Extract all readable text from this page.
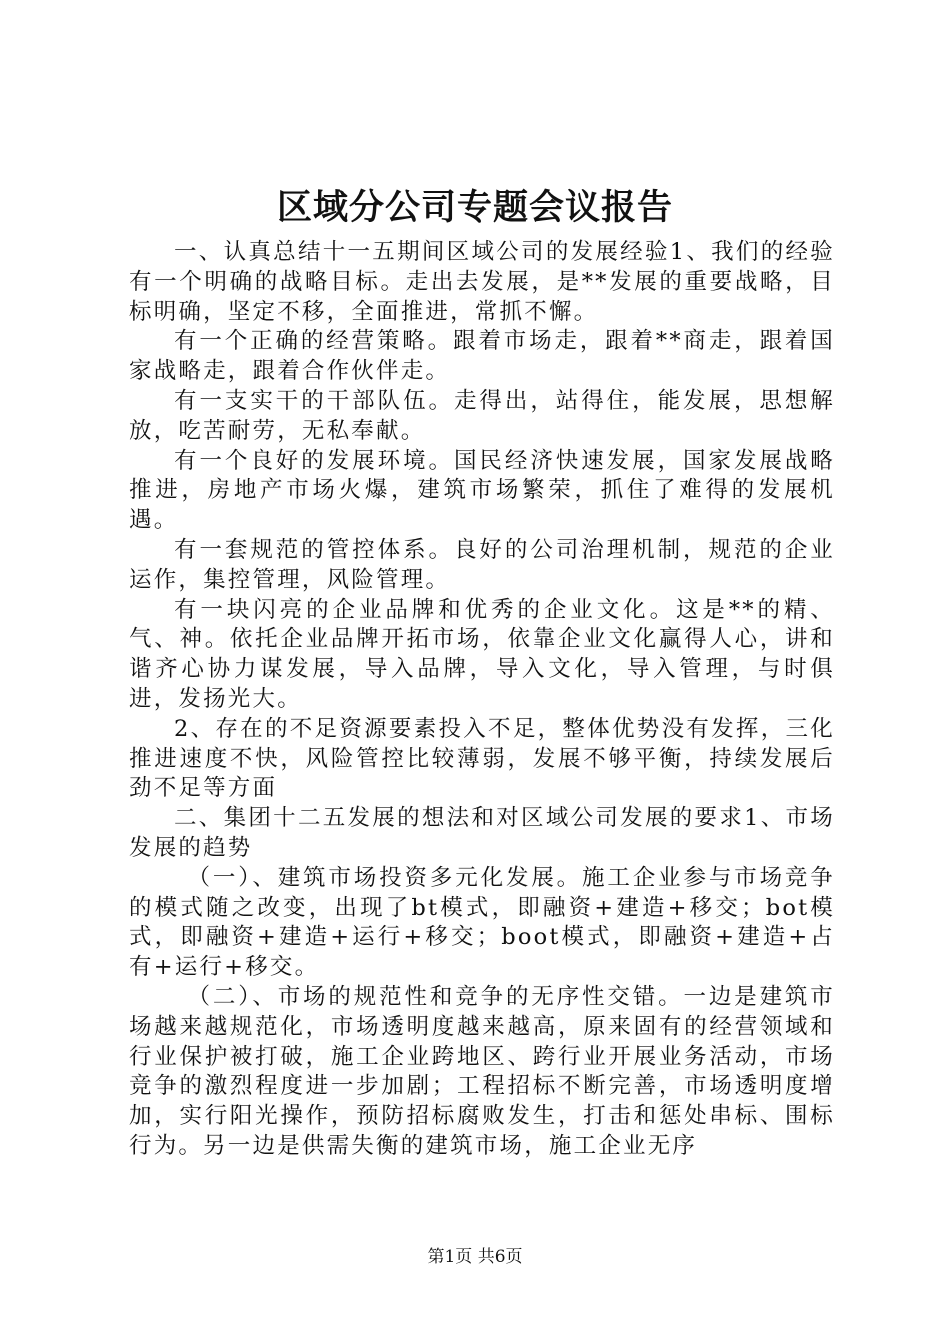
区域分公司专题会议报告

一、认真总结十一五期间区域公司的发展经验1、我们的经验有一个明确的战略目标。走出去发展，是**发展的重要战略，目标明确，坚定不移，全面推进，常抓不懈。

有一个正确的经营策略。跟着市场走，跟着**商走，跟着国家战略走，跟着合作伙伴走。

有一支实干的干部队伍。走得出，站得住，能发展，思想解放，吃苦耐劳，无私奉献。

有一个良好的发展环境。国民经济快速发展，国家发展战略推进，房地产市场火爆，建筑市场繁荣，抓住了难得的发展机遇。

有一套规范的管控体系。良好的公司治理机制，规范的企业运作，集控管理，风险管理。

有一块闪亮的企业品牌和优秀的企业文化。这是**的精、气、神。依托企业品牌开拓市场，依靠企业文化赢得人心，讲和谐齐心协力谋发展，导入品牌，导入文化，导入管理，与时俱进，发扬光大。

2、存在的不足资源要素投入不足，整体优势没有发挥，三化推进速度不快，风险管控比较薄弱，发展不够平衡，持续发展后劲不足等方面

二、集团十二五发展的想法和对区域公司发展的要求1、市场发展的趋势

（一）、建筑市场投资多元化发展。施工企业参与市场竞争的模式随之改变，出现了bt模式，即融资+建造+移交；bot模式，即融资+建造+运行+移交；boot模式，即融资+建造+占有+运行+移交。

（二）、市场的规范性和竞争的无序性交错。一边是建筑市场越来越规范化，市场透明度越来越高，原来固有的经营领域和行业保护被打破，施工企业跨地区、跨行业开展业务活动，市场竞争的激烈程度进一步加剧；工程招标不断完善，市场透明度增加，实行阳光操作，预防招标腐败发生，打击和惩处串标、围标行为。另一边是供需失衡的建筑市场，施工企业无序

第1页 共6页
